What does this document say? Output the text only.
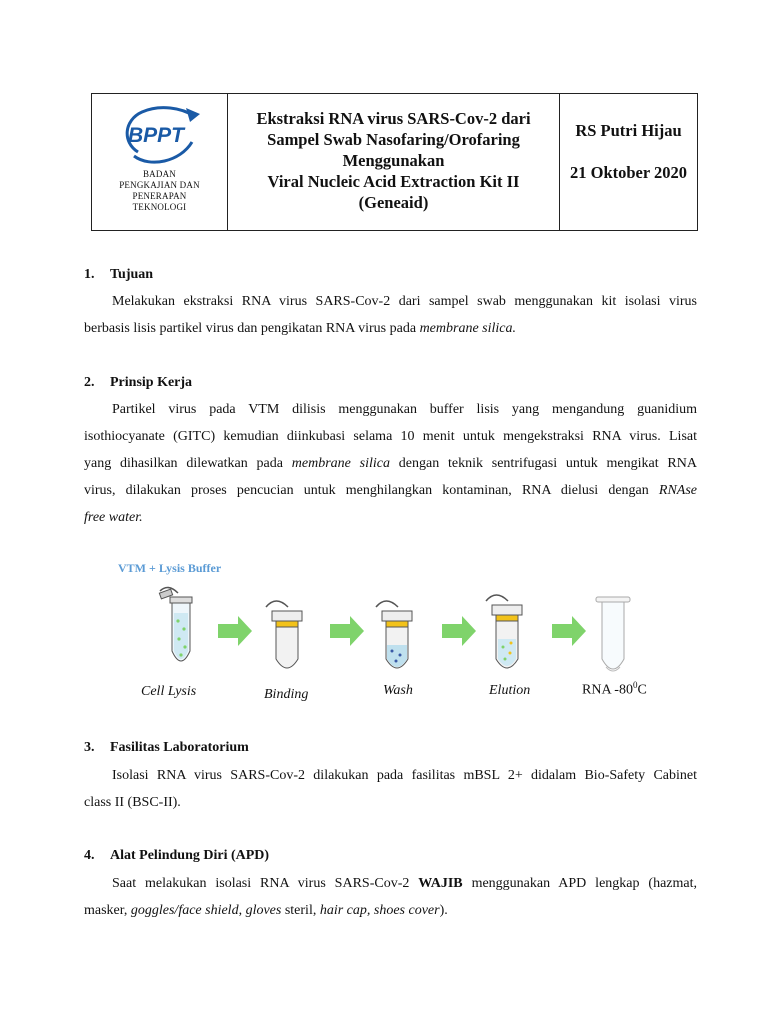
BPPT
BADAN
PENGKAJIAN DAN
PENERAPAN
TEKNOLOGI
Ekstraksi RNA virus SARS-Cov-2 dari
Sampel Swab Nasofaring/Orofaring
Menggunakan
Viral Nucleic Acid Extraction Kit II
(Geneaid)
RS Putri Hijau
21 Oktober 2020
1. Tujuan
Melakukan ekstraksi RNA virus SARS-Cov-2 dari sampel swab menggunakan kit isolasi virus
berbasis lisis partikel virus dan pengikatan RNA virus pada membrane silica.
2. Prinsip Kerja
Partikel virus pada VTM dilisis menggunakan buffer lisis yang mengandung guanidium
isothiocyanate (GITC) kemudian diinkubasi selama 10 menit untuk mengekstraksi RNA virus. Lisat
yang dihasilkan dilewatkan pada membrane silica dengan teknik sentrifugasi untuk mengikat RNA
virus, dilakukan proses pencucian untuk menghilangkan kontaminan, RNA dielusi dengan RNAse
free water.
VTM + Lysis Buffer
Cell Lysis	Binding	Wash	Elution	RNA $-80^0C$
3. Fasilitas Laboratorium
Isolasi RNA virus SARS-Cov-2 dilakukan pada fasilitas mBSL 2+ didalam Bio-Safety Cabinet
class II (BSC-II).
4. Alat Pelindung Diri (APD)
Saat melakukan isolasi RNA virus SARS-Cov-2 WAJIB menggunakan APD lengkap (hazmat,
masker, goggles/face shield, gloves steril, hair cap, shoes cover).
